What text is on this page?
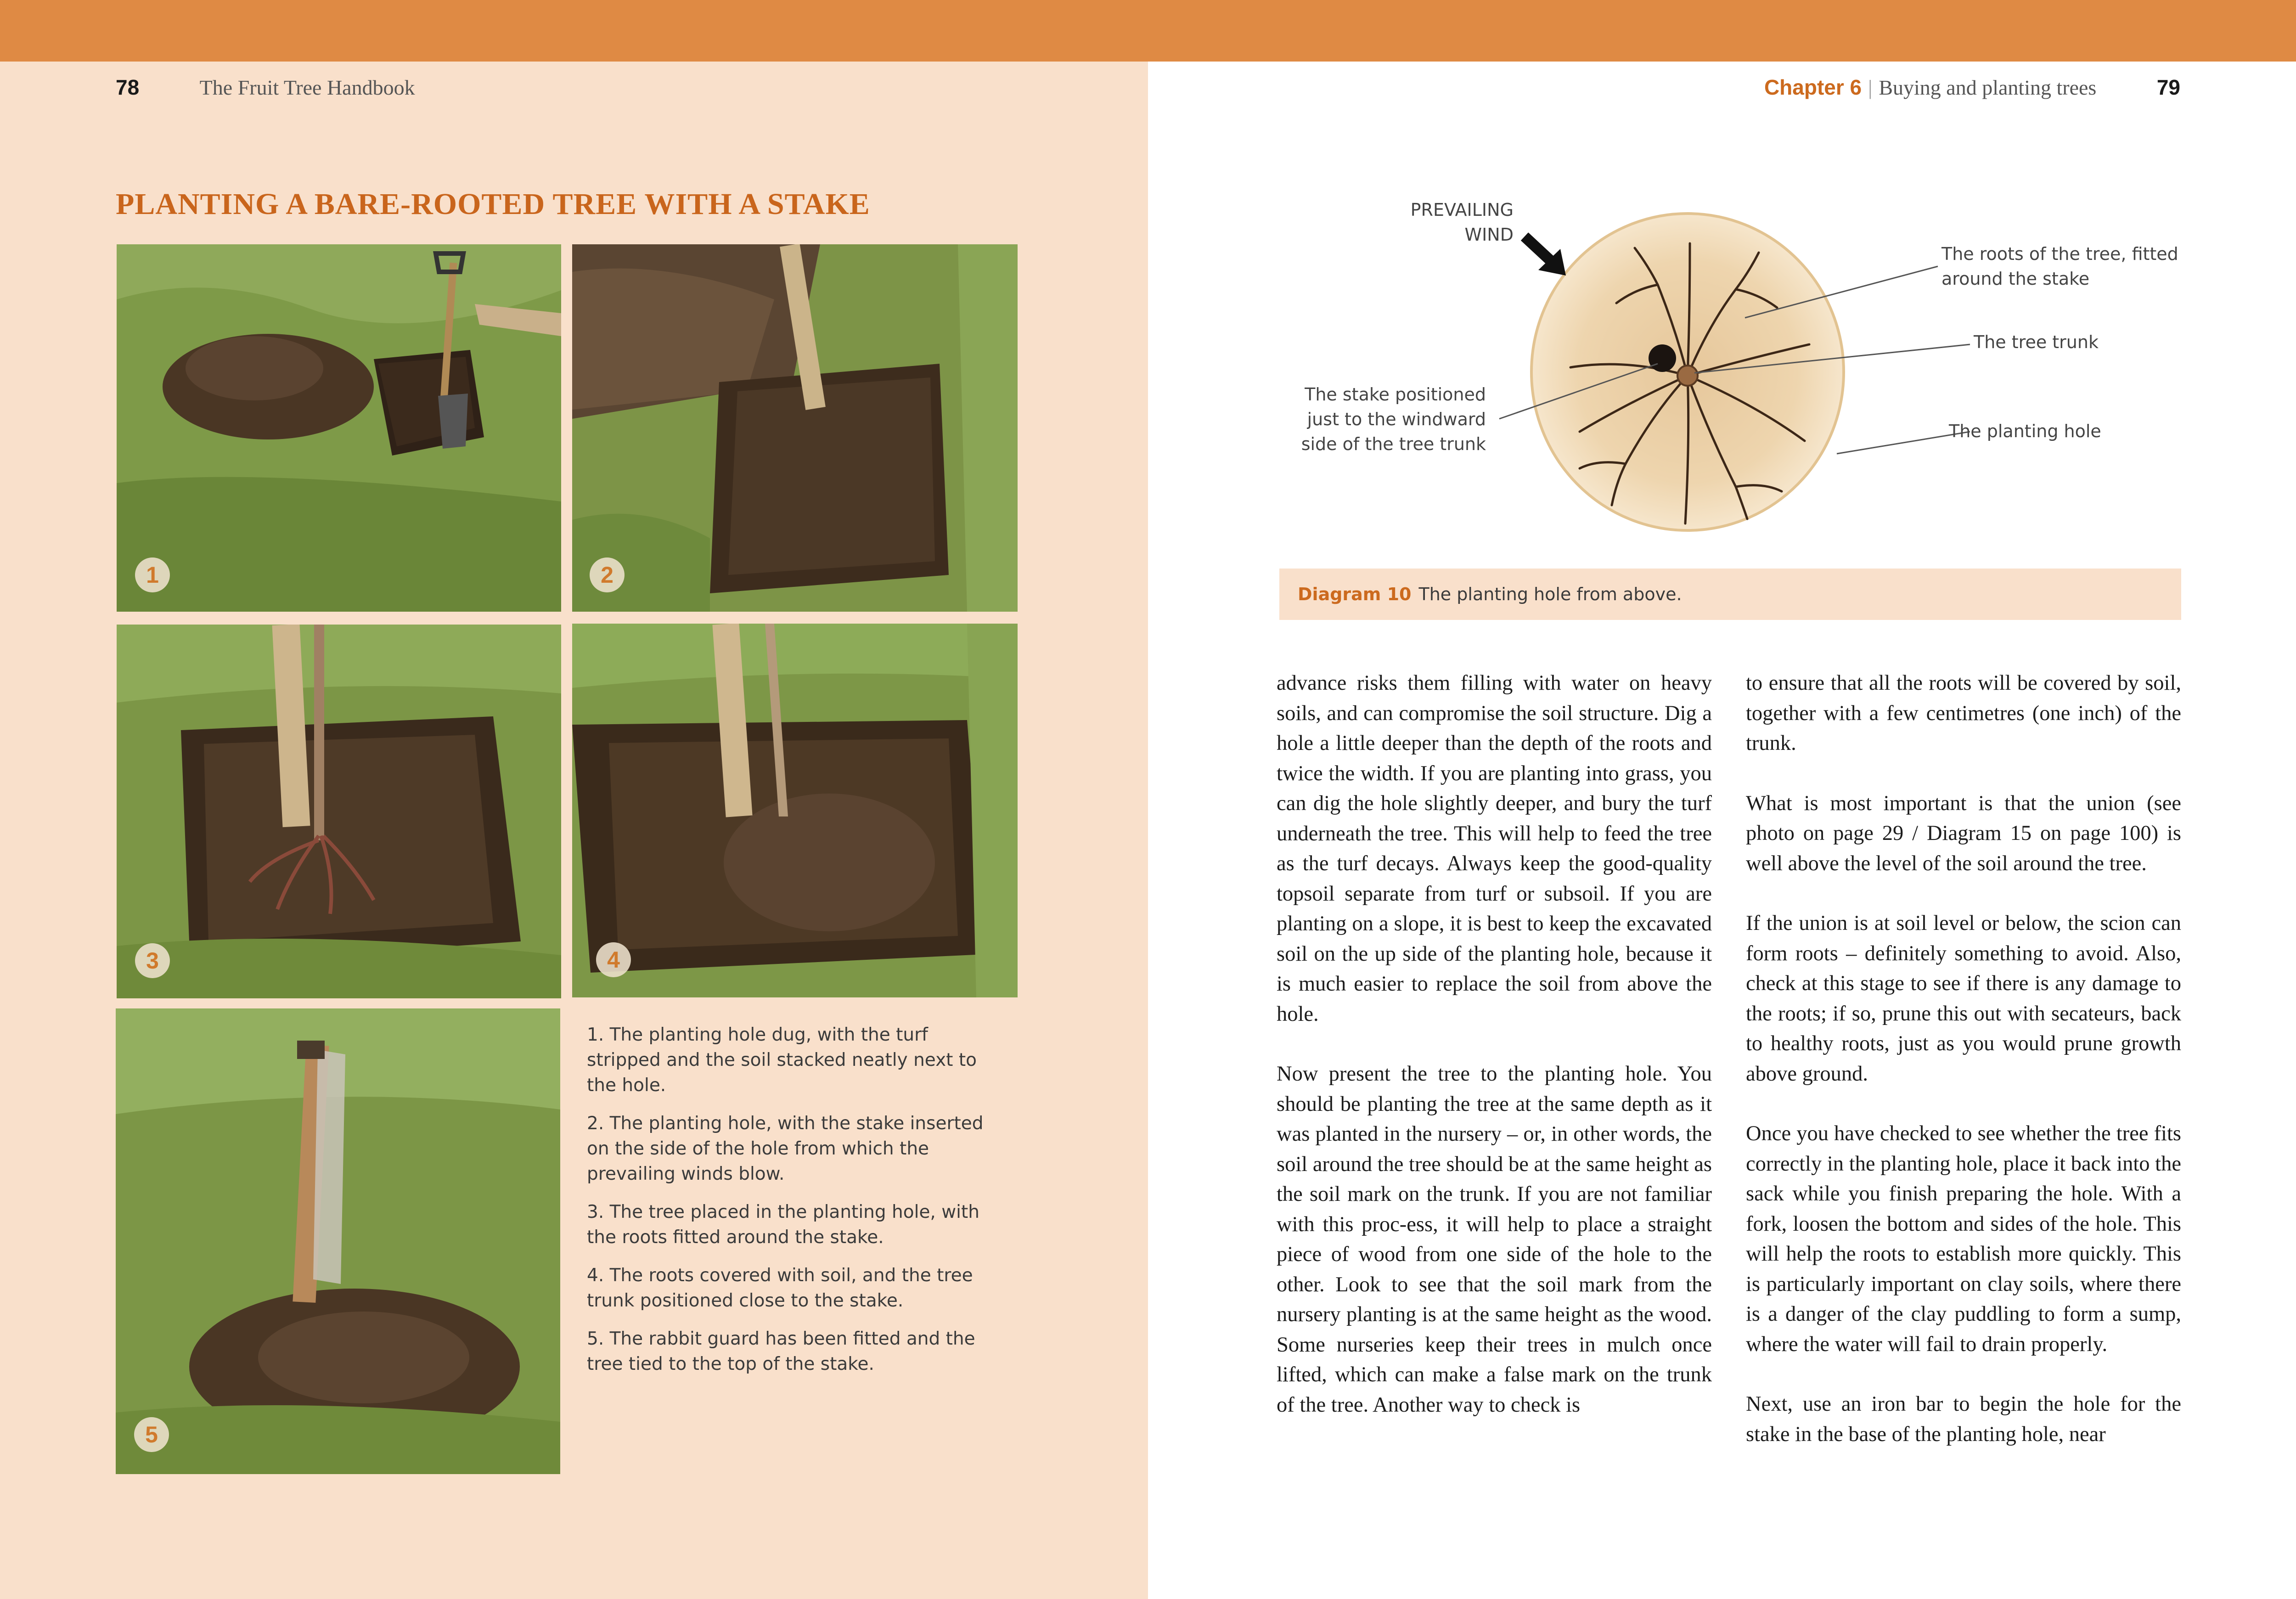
78	The Fruit Tree Handbook	Chapter 6 | Buying and planting trees	79
PLANTING A BARE-ROOTED TREE WITH A STAKE
1	2
3	4
5

1. The planting hole dug, with the turf stripped and the soil stacked neatly next to the hole.

2. The planting hole, with the stake inserted on the side of the hole from which the prevailing winds blow.

3. The tree placed in the planting hole, with the roots fitted around the stake.

4. The roots covered with soil, and the tree trunk positioned close to the stake.

5. The rabbit guard has been fitted and the tree tied to the top of the stake.

PREVAILING
WIND
The roots of the tree, fitted
around the stake
The tree trunk
The planting hole
The stake positioned
just to the windward
side of the tree trunk
Diagram 10 The planting hole from above.

advance risks them filling with water on heavy soils, and can compromise the soil structure. Dig a hole a little deeper than the depth of the roots and twice the width. If you are planting into grass, you can dig the hole slightly deeper, and bury the turf underneath the tree. This will help to feed the tree as the turf decays. Always keep the good-quality topsoil separate from turf or subsoil. If you are planting on a slope, it is best to keep the excavated soil on the up side of the planting hole, because it is much easier to replace the soil from above the hole.

Now present the tree to the planting hole. You should be planting the tree at the same depth as it was planted in the nursery – or, in other words, the soil around the tree should be at the same height as the soil mark on the trunk. If you are not familiar with this proc-ess, it will help to place a straight piece of wood from one side of the hole to the other. Look to see that the soil mark from the nursery planting is at the same height as the wood. Some nurseries keep their trees in mulch once lifted, which can make a false mark on the trunk of the tree. Another way to check is

to ensure that all the roots will be covered by soil, together with a few centimetres (one inch) of the trunk.

What is most important is that the union (see photo on page 29 / Diagram 15 on page 100) is well above the level of the soil around the tree.

If the union is at soil level or below, the scion can form roots – definitely something to avoid. Also, check at this stage to see if there is any damage to the roots; if so, prune this out with secateurs, back to healthy roots, just as you would prune growth above ground.

Once you have checked to see whether the tree fits correctly in the planting hole, place it back into the sack while you finish preparing the hole. With a fork, loosen the bottom and sides of the hole. This will help the roots to establish more quickly. This is particularly important on clay soils, where there is a danger of the clay puddling to form a sump, where the water will fail to drain properly.

Next, use an iron bar to begin the hole for the stake in the base of the planting hole, near
